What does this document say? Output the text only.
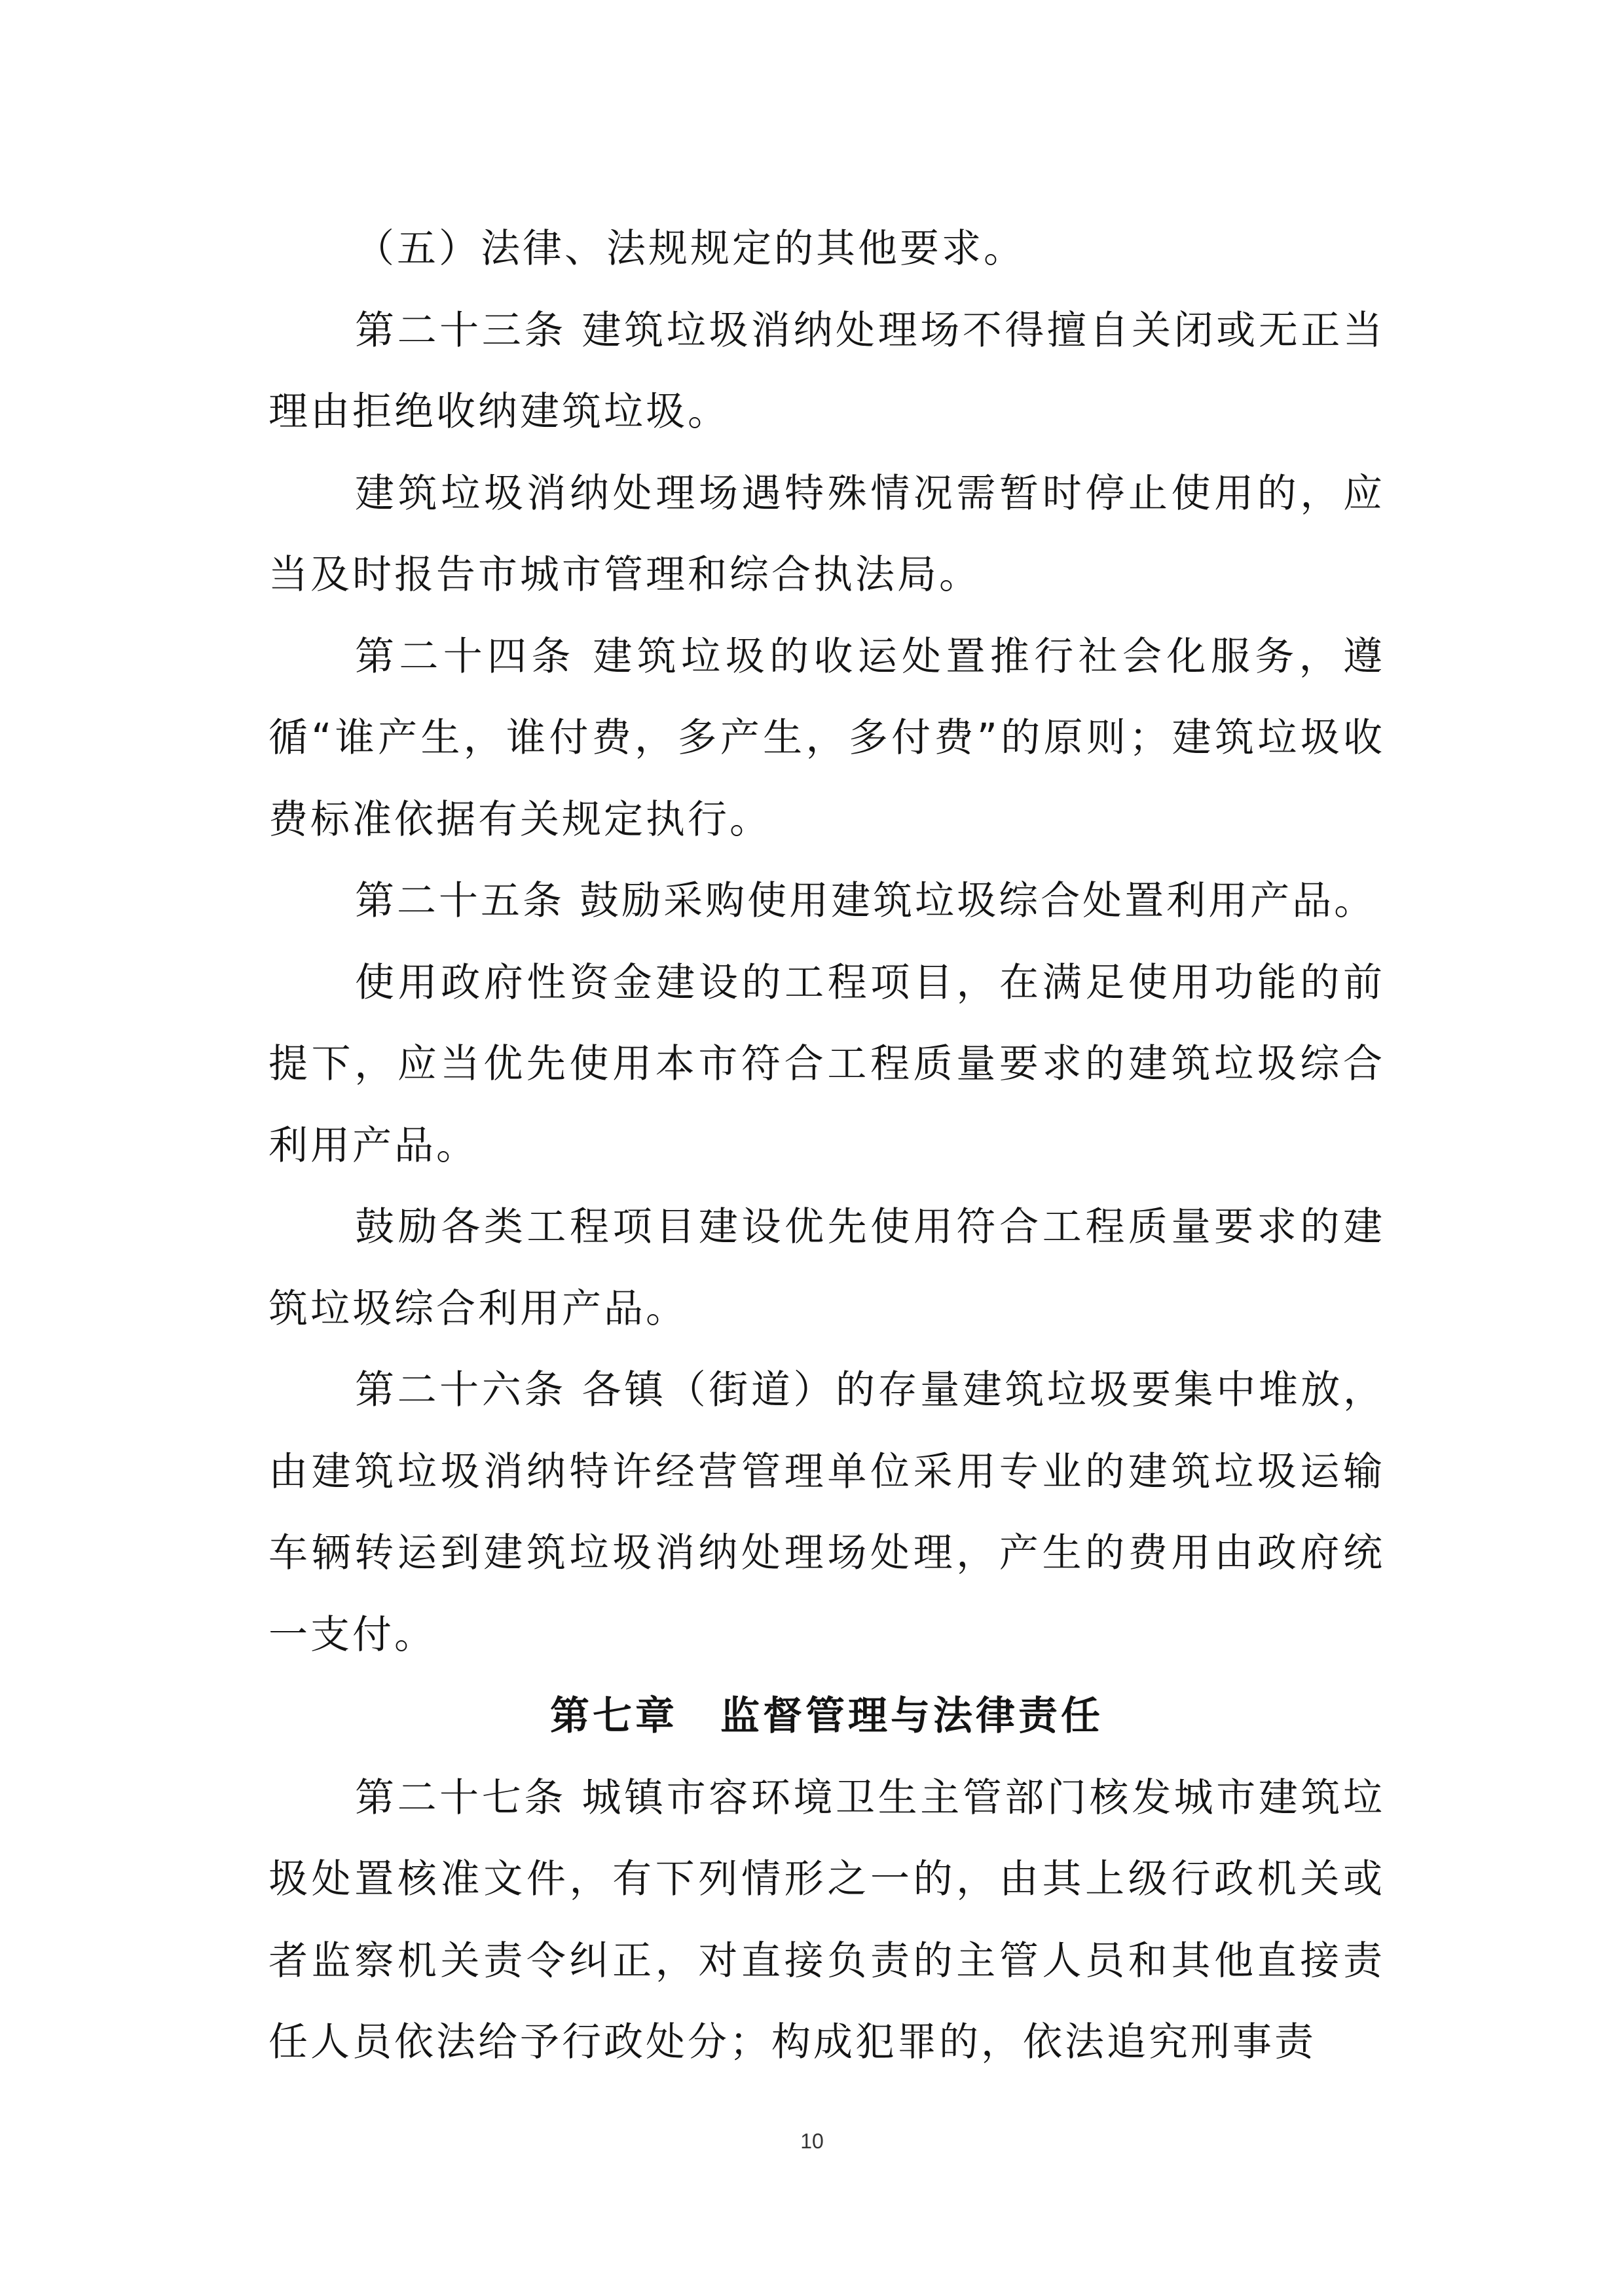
（五）法律、法规规定的其他要求。

第二十三条 建筑垃圾消纳处理场不得擅自关闭或无正当理由拒绝收纳建筑垃圾。

建筑垃圾消纳处理场遇特殊情况需暂时停止使用的，应当及时报告市城市管理和综合执法局。

第二十四条 建筑垃圾的收运处置推行社会化服务，遵循“谁产生，谁付费，多产生，多付费”的原则；建筑垃圾收费标准依据有关规定执行。

第二十五条 鼓励采购使用建筑垃圾综合处置利用产品。

使用政府性资金建设的工程项目，在满足使用功能的前提下，应当优先使用本市符合工程质量要求的建筑垃圾综合利用产品。

鼓励各类工程项目建设优先使用符合工程质量要求的建筑垃圾综合利用产品。

第二十六条 各镇（街道）的存量建筑垃圾要集中堆放，由建筑垃圾消纳特许经营管理单位采用专业的建筑垃圾运输车辆转运到建筑垃圾消纳处理场处理，产生的费用由政府统一支付。

第七章　监督管理与法律责任

第二十七条 城镇市容环境卫生主管部门核发城市建筑垃圾处置核准文件，有下列情形之一的，由其上级行政机关或者监察机关责令纠正，对直接负责的主管人员和其他直接责任人员依法给予行政处分；构成犯罪的，依法追究刑事责

10
